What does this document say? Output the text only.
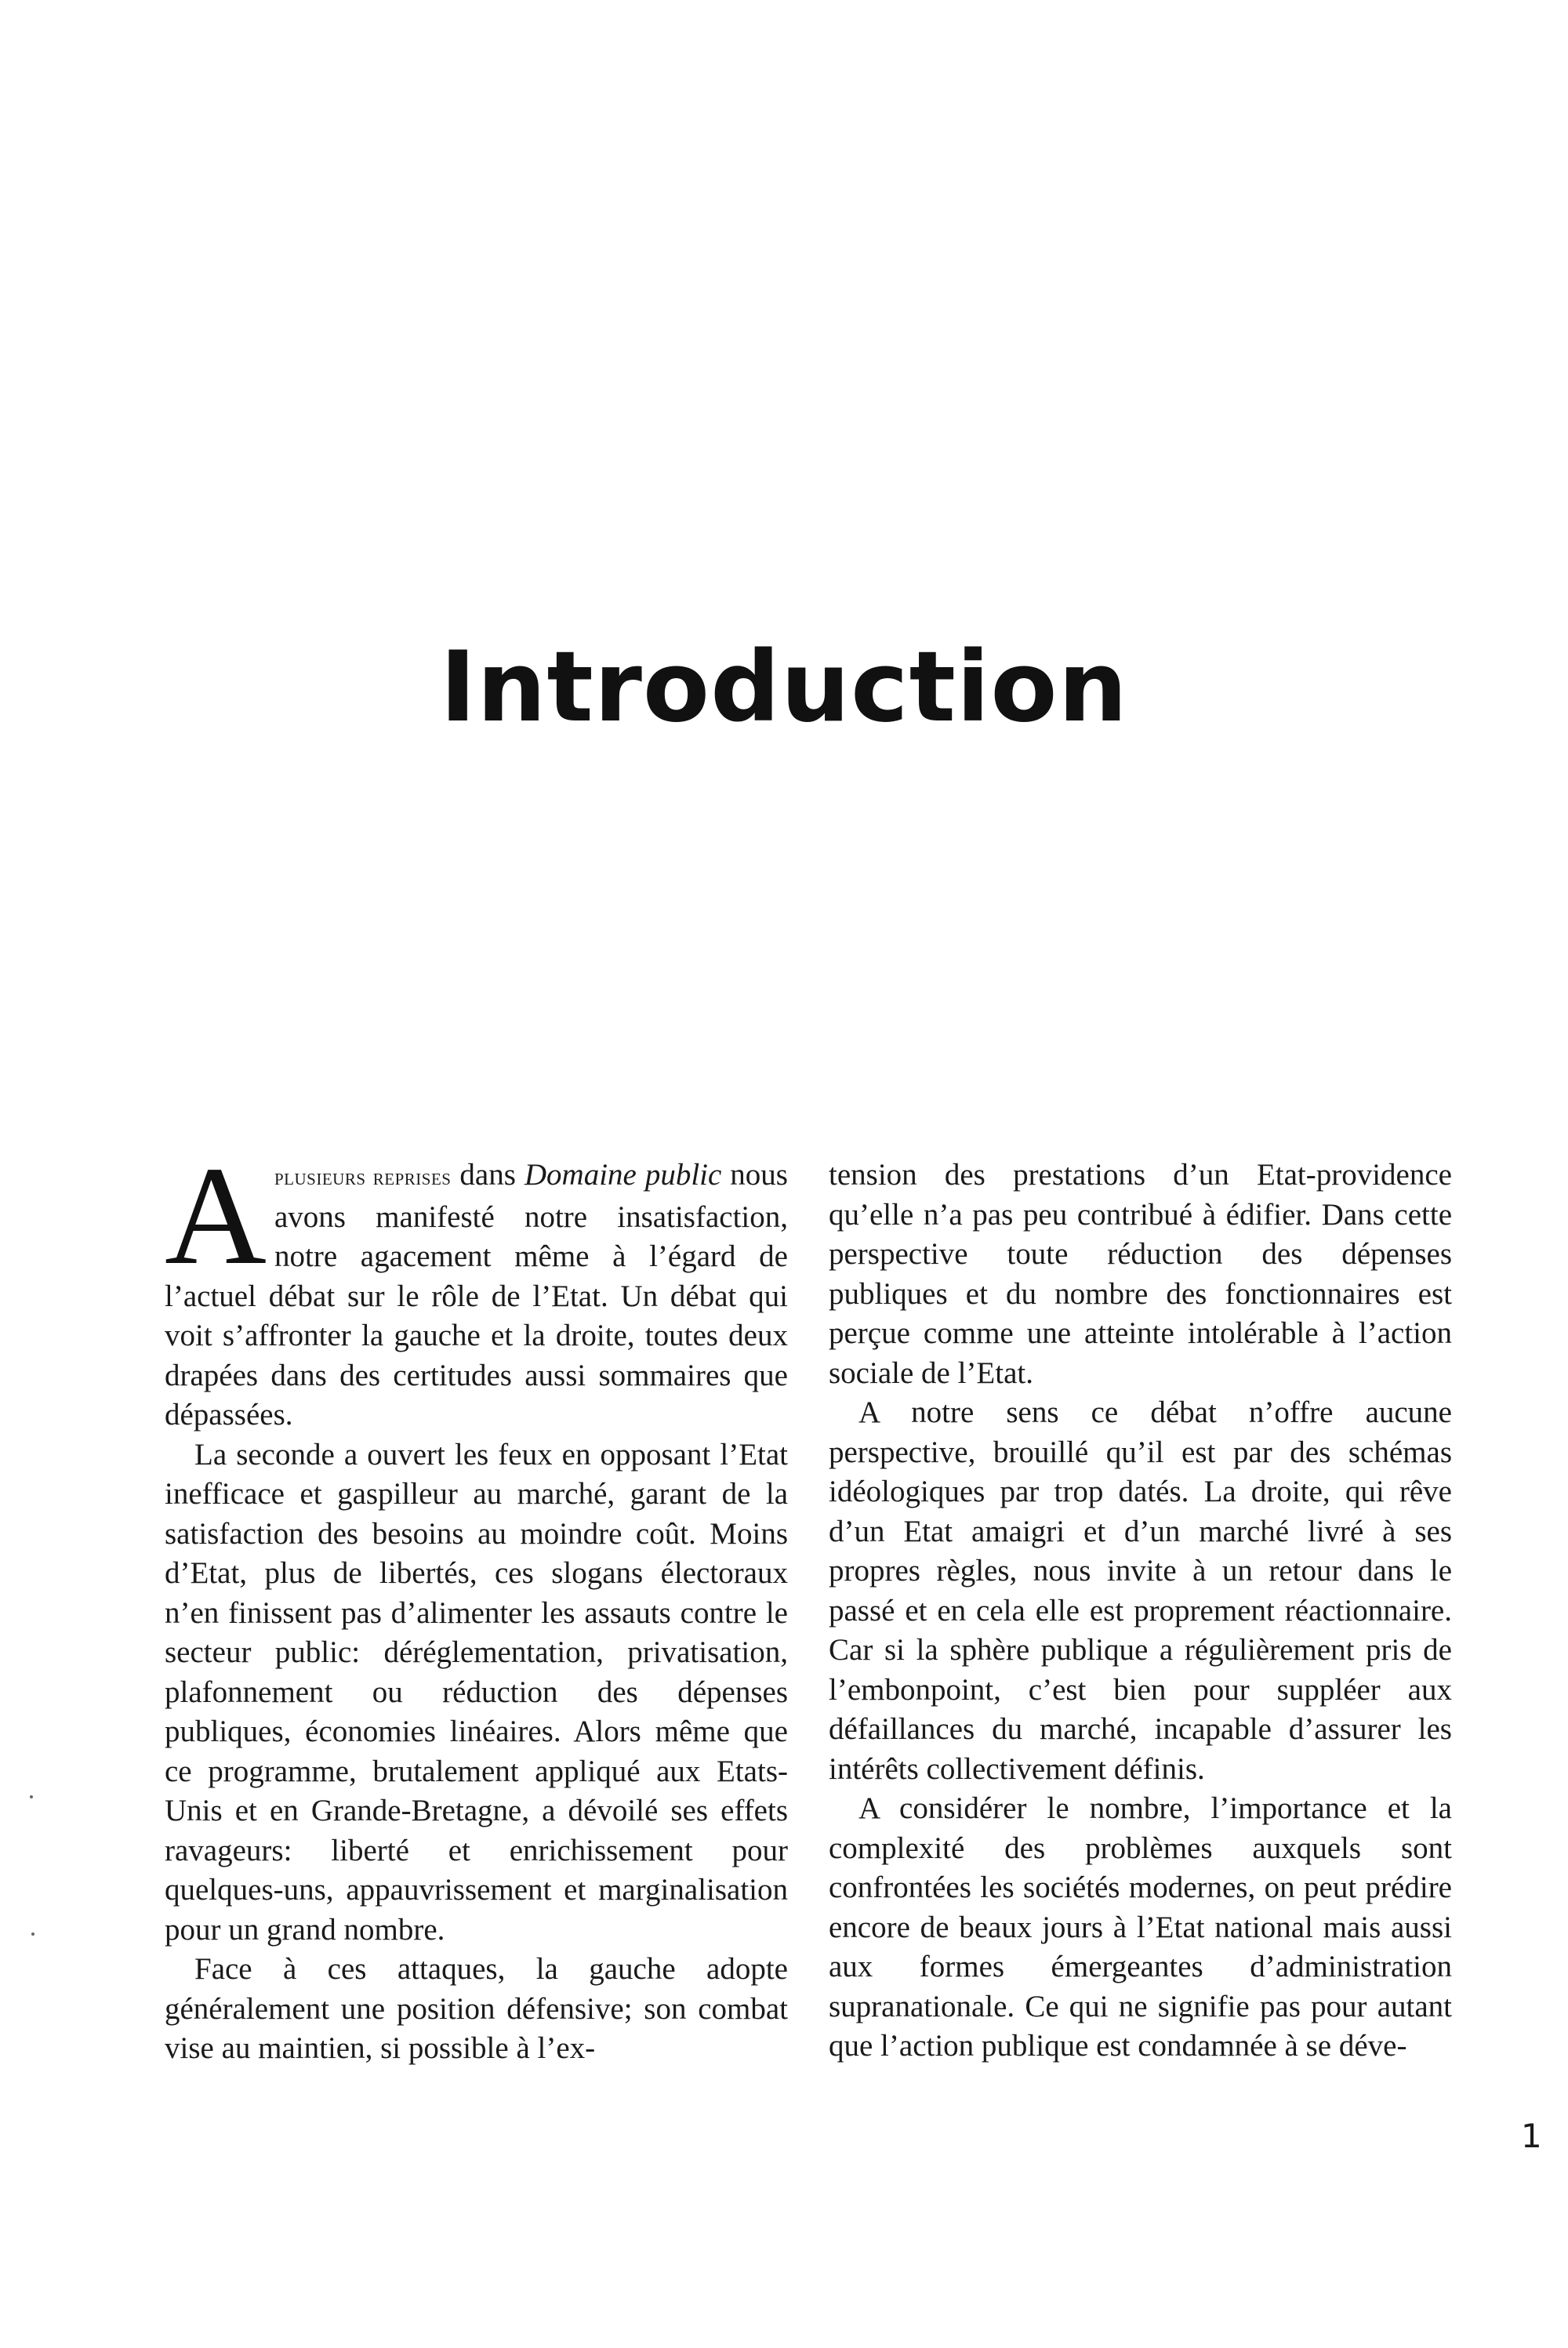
Introduction

Aplusieurs reprises dans Domaine public nous avons manifesté notre insatisfaction, notre agacement même à l’égard de l’actuel débat sur le rôle de l’Etat. Un débat qui voit s’affronter la gauche et la droite, toutes deux drapées dans des certitudes aussi sommaires que dépassées.

La seconde a ouvert les feux en opposant l’Etat inefficace et gaspilleur au marché, garant de la satisfaction des besoins au moindre coût. Moins d’Etat, plus de libertés, ces slogans électoraux n’en finissent pas d’alimenter les assauts contre le secteur public: déréglementation, privatisation, plafonnement ou réduction des dépenses publiques, économies linéaires. Alors même que ce programme, brutalement appliqué aux Etats-Unis et en Grande-Bretagne, a dévoilé ses effets ravageurs: liberté et enrichissement pour quelques-uns, appauvrissement et marginalisation pour un grand nombre.

Face à ces attaques, la gauche adopte généralement une position défensive; son combat vise au maintien, si possible à l’ex-

tension des prestations d’un Etat-providence qu’elle n’a pas peu contribué à édifier. Dans cette perspective toute réduction des dépenses publiques et du nombre des fonctionnaires est perçue comme une atteinte intolérable à l’action sociale de l’Etat.

A notre sens ce débat n’offre aucune perspective, brouillé qu’il est par des schémas idéologiques par trop datés. La droite, qui rêve d’un Etat amaigri et d’un marché livré à ses propres règles, nous invite à un retour dans le passé et en cela elle est proprement réactionnaire. Car si la sphère publique a régulièrement pris de l’embonpoint, c’est bien pour suppléer aux défaillances du marché, incapable d’assurer les intérêts collectivement définis.

A considérer le nombre, l’importance et la complexité des problèmes auxquels sont confrontées les sociétés modernes, on peut prédire encore de beaux jours à l’Etat national mais aussi aux formes émergeantes d’administration supranationale. Ce qui ne signifie pas pour autant que l’action publique est condamnée à se déve-

1
